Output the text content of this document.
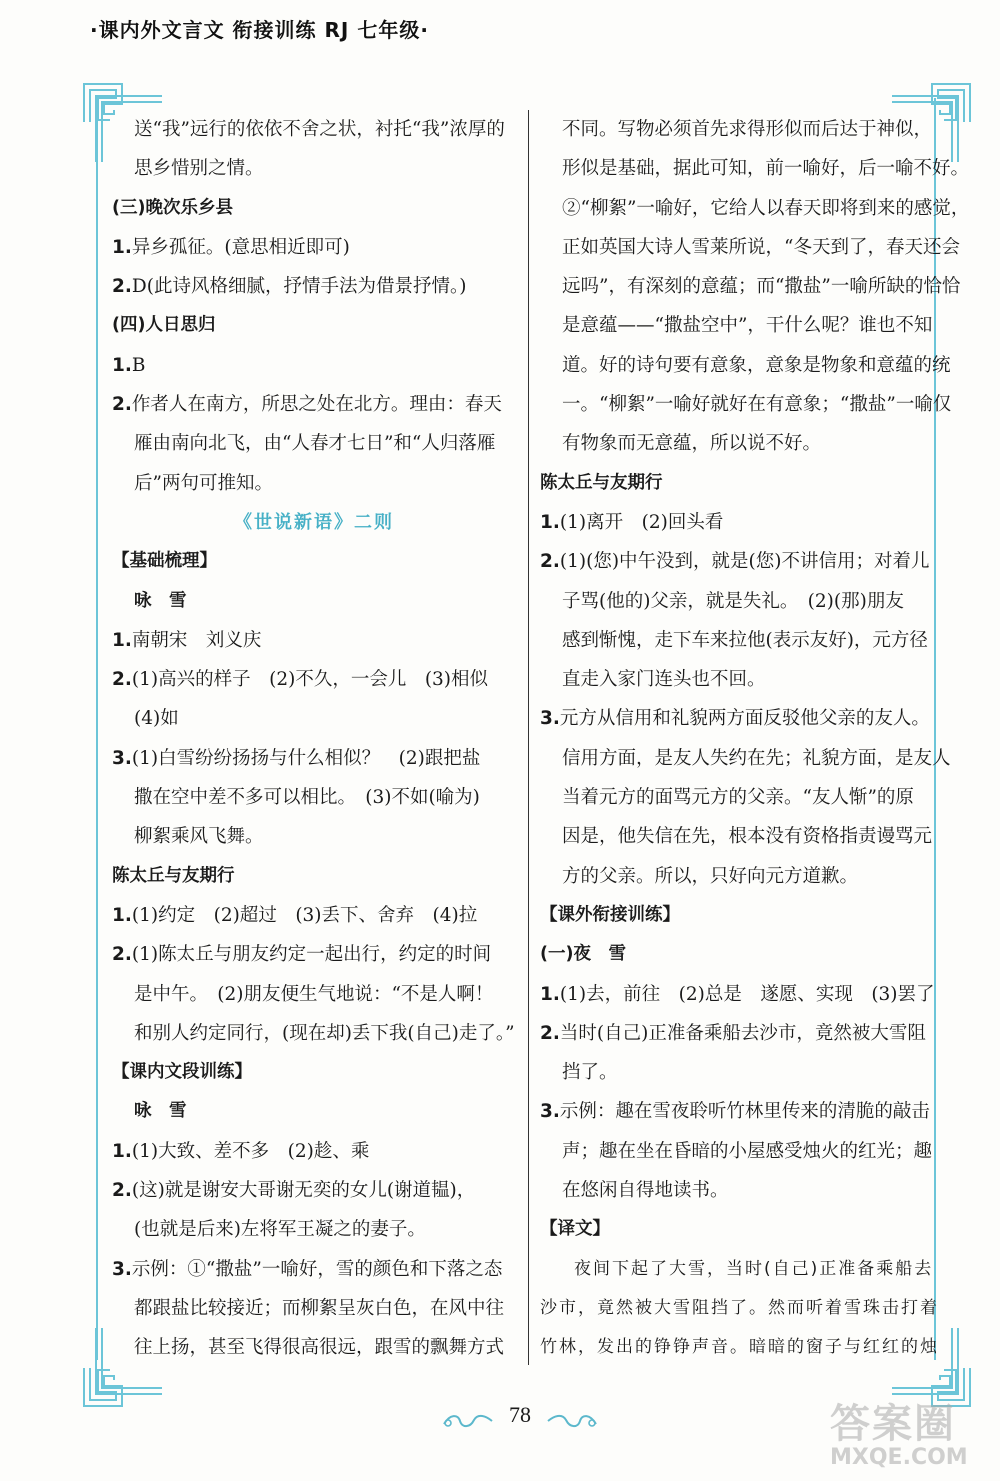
·课内外文言文 衔接训练 RJ 七年级·
送“我”远行的依依不舍之状，衬托“我”浓厚的
思乡惜别之情。
(三)晚次乐乡县
1.异乡孤征。(意思相近即可)
2.D(此诗风格细腻，抒情手法为借景抒情。)
(四)人日思归
1.B
2.作者人在南方，所思之处在北方。理由：春天
雁由南向北飞，由“人春才七日”和“人归落雁
后”两句可推知。
《世说新语》二则
【基础梳理】
咏　雪
1.南朝宋　刘义庆
2.(1)高兴的样子　(2)不久，一会儿　(3)相似
(4)如
3.(1)白雪纷纷扬扬与什么相似？　(2)跟把盐
撒在空中差不多可以相比。　(3)不如(喻为)
柳絮乘风飞舞。
陈太丘与友期行
1.(1)约定　(2)超过　(3)丢下、舍弃　(4)拉
2.(1)陈太丘与朋友约定一起出行，约定的时间
是中午。　(2)朋友便生气地说：“不是人啊！
和别人约定同行，(现在却)丢下我(自己)走了。”
【课内文段训练】
咏　雪
1.(1)大致、差不多　(2)趁、乘
2.(这)就是谢安大哥谢无奕的女儿(谢道韫)，
(也就是后来)左将军王凝之的妻子。
3.示例：①“撒盐”一喻好，雪的颜色和下落之态
都跟盐比较接近；而柳絮呈灰白色，在风中往
往上扬，甚至飞得很高很远，跟雪的飘舞方式
不同。写物必须首先求得形似而后达于神似，
形似是基础，据此可知，前一喻好，后一喻不好。
②“柳絮”一喻好，它给人以春天即将到来的感觉，
正如英国大诗人雪莱所说，“冬天到了，春天还会
远吗”，有深刻的意蕴；而“撒盐”一喻所缺的恰恰
是意蕴——“撒盐空中”，干什么呢？谁也不知
道。好的诗句要有意象，意象是物象和意蕴的统
一。“柳絮”一喻好就好在有意象；“撒盐”一喻仅
有物象而无意蕴，所以说不好。
陈太丘与友期行
1.(1)离开　(2)回头看
2.(1)(您)中午没到，就是(您)不讲信用；对着儿
子骂(他的)父亲，就是失礼。　(2)(那)朋友
感到惭愧，走下车来拉他(表示友好)，元方径
直走入家门连头也不回。
3.元方从信用和礼貌两方面反驳他父亲的友人。
信用方面，是友人失约在先；礼貌方面，是友人
当着元方的面骂元方的父亲。“友人惭”的原
因是，他失信在先，根本没有资格指责谩骂元
方的父亲。所以，只好向元方道歉。
【课外衔接训练】
(一)夜　雪
1.(1)去，前往　(2)总是　遂愿、实现　(3)罢了
2.当时(自己)正准备乘船去沙市，竟然被大雪阻
挡了。
3.示例：趣在雪夜聆听竹林里传来的清脆的敲击
声；趣在坐在昏暗的小屋感受烛火的红光；趣
在悠闲自得地读书。
【译文】
夜间下起了大雪，当时(自己)正准备乘船去
沙市，竟然被大雪阻挡了。然而听着雪珠击打着
竹林，发出的铮铮声音。暗暗的窗子与红红的烛
78	答案圈
MXQE.COM
